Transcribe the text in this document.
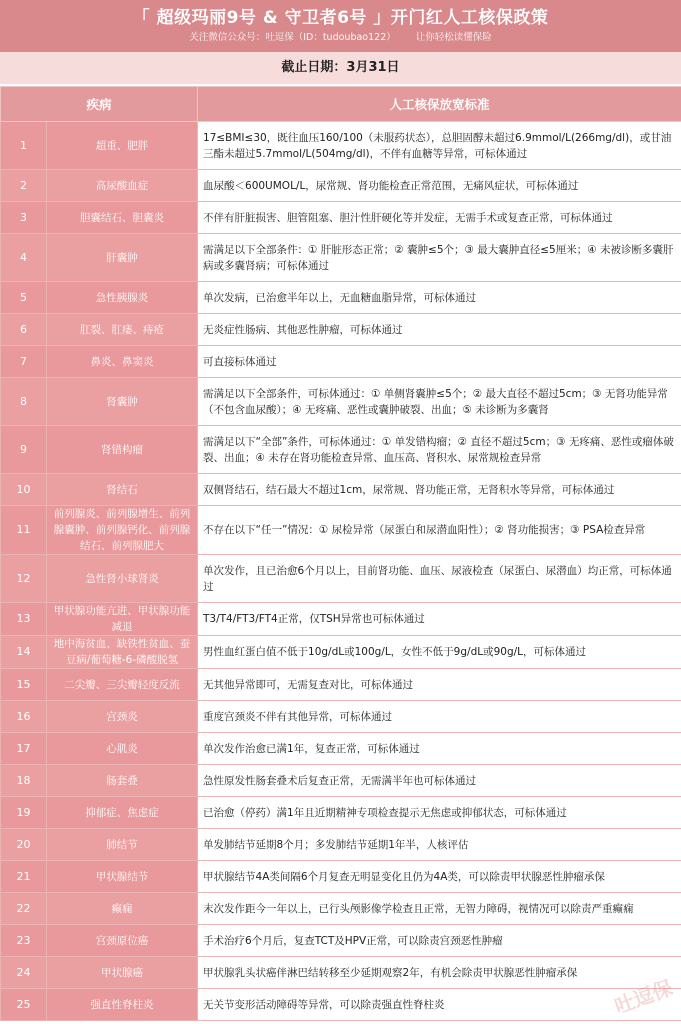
「 超级玛丽9号 & 守卫者6号 」开门红人工核保政策
关注微信公众号：吐逗保（ID：tudoubao122） 让你轻松读懂保险
截止日期：3月31日
疾病		人工核保放宽标准
1	超重、肥胖	17≤BMI≤30，既往血压160/100（未服药状态），总胆固醇未超过6.9mmol/L(266mg/dl)，或甘油三酯未超过5.7mmol/L(504mg/dl)，不伴有血糖等异常，可标体通过
2	高尿酸血症	血尿酸＜600UMOL/L，尿常规、肾功能检查正常范围，无痛风症状，可标体通过
3	胆囊结石、胆囊炎	不伴有肝脏损害、胆管阻塞、胆汁性肝硬化等并发症，无需手术或复查正常，可标体通过
4	肝囊肿	需满足以下全部条件：① 肝脏形态正常；② 囊肿≤5个；③ 最大囊肿直径≤5厘米；④ 未被诊断多囊肝病或多囊肾病；可标体通过
5	急性胰腺炎	单次发病，已治愈半年以上，无血糖血脂异常，可标体通过
6	肛裂、肛瘘、痔疮	无炎症性肠病、其他恶性肿瘤，可标体通过
7	鼻炎、鼻窦炎	可直接标体通过
8	肾囊肿	需满足以下全部条件，可标体通过：① 单侧肾囊肿≤5个；② 最大直径不超过5cm；③ 无肾功能异常（不包含血尿酸）；④ 无疼痛、恶性或囊肿破裂、出血；⑤ 未诊断为多囊肾
9	肾错构瘤	需满足以下“全部”条件，可标体通过：① 单发错构瘤；② 直径不超过5cm；③ 无疼痛、恶性或瘤体破裂、出血；④ 未存在肾功能检查异常、血压高、肾积水、尿常规检查异常
10	肾结石	双侧肾结石，结石最大不超过1cm，尿常规、肾功能正常，无肾积水等异常，可标体通过
11	前列腺炎、前列腺增生、前列腺囊肿、前列腺钙化、前列腺结石、前列腺肥大	不存在以下“任一”情况：① 尿检异常（尿蛋白和尿潜血阳性）；② 肾功能损害；③ PSA检查异常
12	急性肾小球肾炎	单次发作，且已治愈6个月以上，目前肾功能、血压、尿液检查（尿蛋白、尿潜血）均正常，可标体通过
13	甲状腺功能亢进、甲状腺功能减退	T3/T4/FT3/FT4正常，仅TSH异常也可标体通过
14	地中海贫血、缺铁性贫血、蚕豆病/葡萄糖-6-磷酸脱氢	男性血红蛋白值不低于10g/dL或100g/L，女性不低于9g/dL或90g/L，可标体通过
15	二尖瓣、三尖瓣轻度反流	无其他异常即可，无需复查对比，可标体通过
16	宫颈炎	重度宫颈炎不伴有其他异常，可标体通过
17	心肌炎	单次发作治愈已满1年，复查正常，可标体通过
18	肠套叠	急性原发性肠套叠术后复查正常，无需满半年也可标体通过
19	抑郁症、焦虑症	已治愈（停药）满1年且近期精神专项检查提示无焦虑或抑郁状态，可标体通过
20	肺结节	单发肺结节延期8个月；多发肺结节延期1年半，人核评估
21	甲状腺结节	甲状腺结节4A类间隔6个月复查无明显变化且仍为4A类，可以除责甲状腺恶性肿瘤承保
22	癫痫	末次发作距今一年以上，已行头颅影像学检查且正常，无智力障碍，视情况可以除责严重癫痫
23	宫颈原位癌	手术治疗6个月后，复查TCT及HPV正常，可以除责宫颈恶性肿瘤
24	甲状腺癌	甲状腺乳头状癌伴淋巴结转移至少延期观察2年，有机会除责甲状腺恶性肿瘤承保
25	强直性脊柱炎	无关节变形活动障碍等异常，可以除责强直性脊柱炎	吐逗保
